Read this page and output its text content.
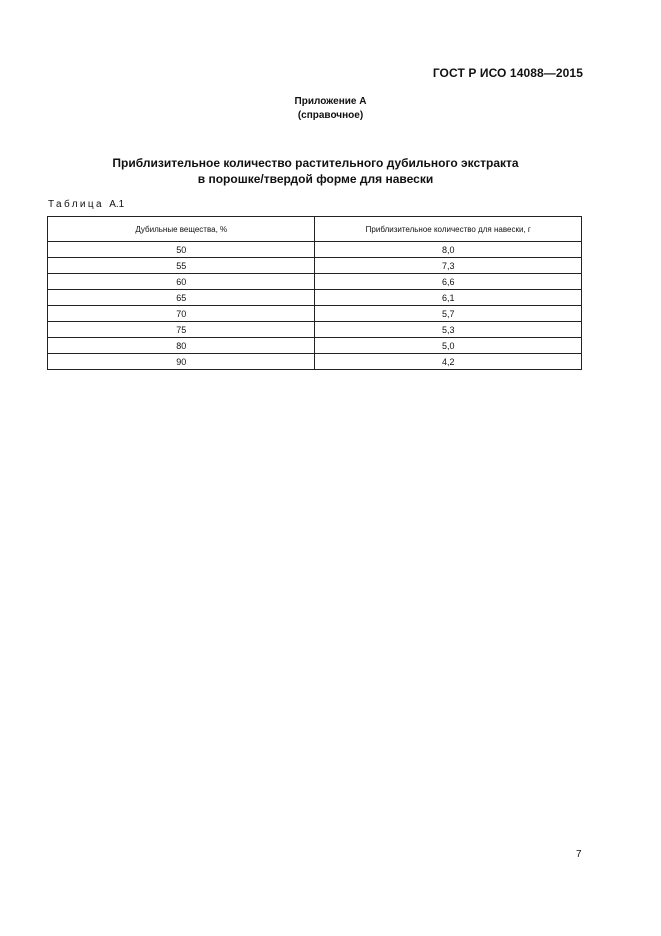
ГОСТ Р ИСО 14088—2015
Приложение А
(справочное)
Приблизительное количество растительного дубильного экстракта
в порошке/твердой форме для навески
Таблица А.1
Дубильные вещества, %	Приблизительное количество для навески, г
50	8,0
55	7,3
60	6,6
65	6,1
70	5,7
75	5,3
80	5,0
90	4,2
7
